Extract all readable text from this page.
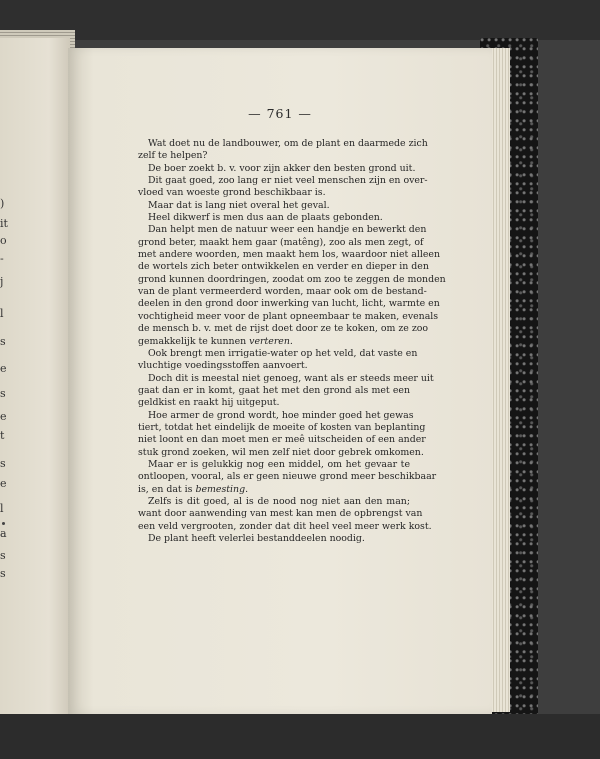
)
it
o
-
j
l
s
e
s
e
t
s
e
l
a
s
s
— 761 —
Wat doet nu de landbouwer, om de plant en daarmede zich
zelf te helpen?
De boer zoekt b. v. voor zijn akker den besten grond uit.
Dit gaat goed, zoo lang er niet veel menschen zijn en over-
vloed van woeste grond beschikbaar is.
Maar dat is lang niet overal het geval.
Heel dikwerf is men dus aan de plaats gebonden.
Dan helpt men de natuur weer een handje en bewerkt den
grond beter, maakt hem gaar (matêng), zoo als men zegt, of
met andere woorden, men maakt hem los, waardoor niet alleen
de wortels zich beter ontwikkelen en verder en dieper in den
grond kunnen doordringen, zoodat om zoo te zeggen de monden
van de plant vermeerderd worden, maar ook om de bestand-
deelen in den grond door inwerking van lucht, licht, warmte en
vochtigheid meer voor de plant opneembaar te maken, evenals
de mensch b. v. met de rijst doet door ze te koken, om ze zoo
gemakkelijk te kunnen verteren.
Ook brengt men irrigatie-water op het veld, dat vaste en
vluchtige voedingsstoffen aanvoert.
Doch dit is meestal niet genoeg, want als er steeds meer uit
gaat dan er in komt, gaat het met den grond als met een
geldkist en raakt hij uitgeput.
Hoe armer de grond wordt, hoe minder goed het gewas
tiert, totdat het eindelijk de moeite of kosten van beplanting
niet loont en dan moet men er meê uitscheiden of een ander
stuk grond zoeken, wil men zelf niet door gebrek omkomen.
Maar er is gelukkig nog een middel, om het gevaar te
ontloopen, vooral, als er geen nieuwe grond meer beschikbaar
is, en dat is bemesting.
Zelfs is dit goed, al is de nood nog niet aan den man;
want door aanwending van mest kan men de opbrengst van
een veld vergrooten, zonder dat dit heel veel meer werk kost.
De plant heeft velerlei bestanddeelen noodig.
